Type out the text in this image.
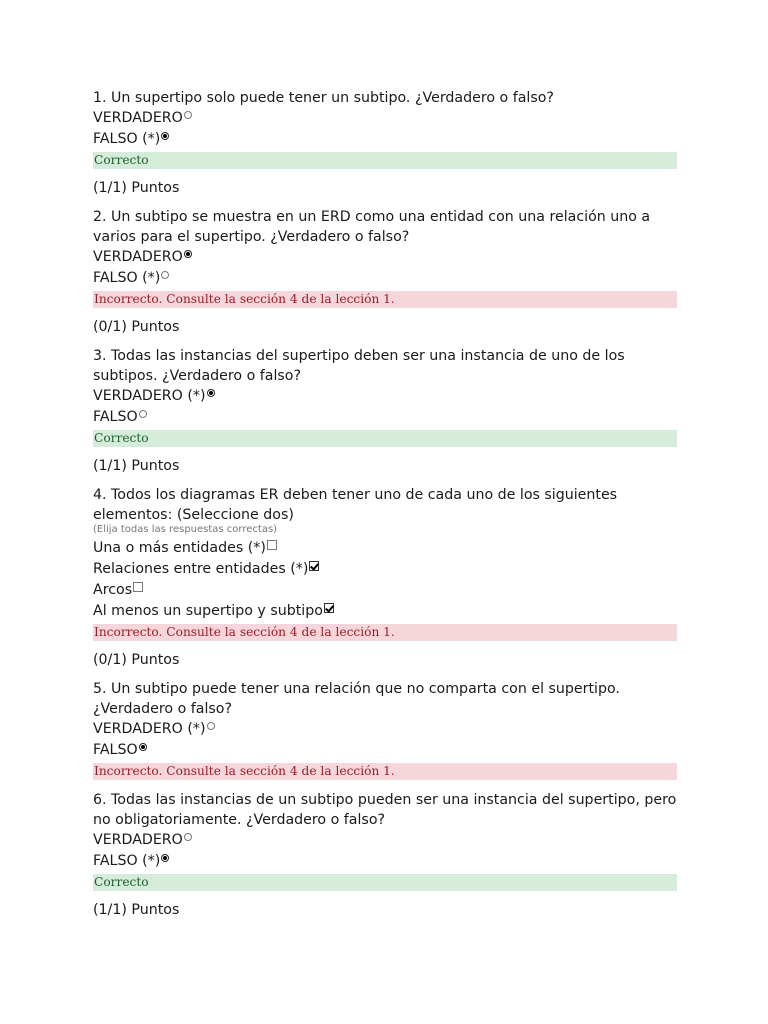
1. Un supertipo solo puede tener un subtipo. ¿Verdadero o falso?

VERDADERO
FALSO (*)
Correcto
(1/1) Puntos

2. Un subtipo se muestra en un ERD como una entidad con una relación uno a varios para el supertipo. ¿Verdadero o falso?

VERDADERO
FALSO (*)
Incorrecto. Consulte la sección 4 de la lección 1.
(0/1) Puntos

3. Todas las instancias del supertipo deben ser una instancia de uno de los subtipos. ¿Verdadero o falso?

VERDADERO (*)
FALSO
Correcto
(1/1) Puntos

4. Todos los diagramas ER deben tener uno de cada uno de los siguientes elementos: (Seleccione dos)

(Elija todas las respuestas correctas)
Una o más entidades (*)
Relaciones entre entidades (*)
Arcos
Al menos un supertipo y subtipo
Incorrecto. Consulte la sección 4 de la lección 1.
(0/1) Puntos

5. Un subtipo puede tener una relación que no comparta con el supertipo. ¿Verdadero o falso?

VERDADERO (*)
FALSO
Incorrecto. Consulte la sección 4 de la lección 1.

6. Todas las instancias de un subtipo pueden ser una instancia del supertipo, pero no obligatoriamente. ¿Verdadero o falso?

VERDADERO
FALSO (*)
Correcto
(1/1) Puntos
